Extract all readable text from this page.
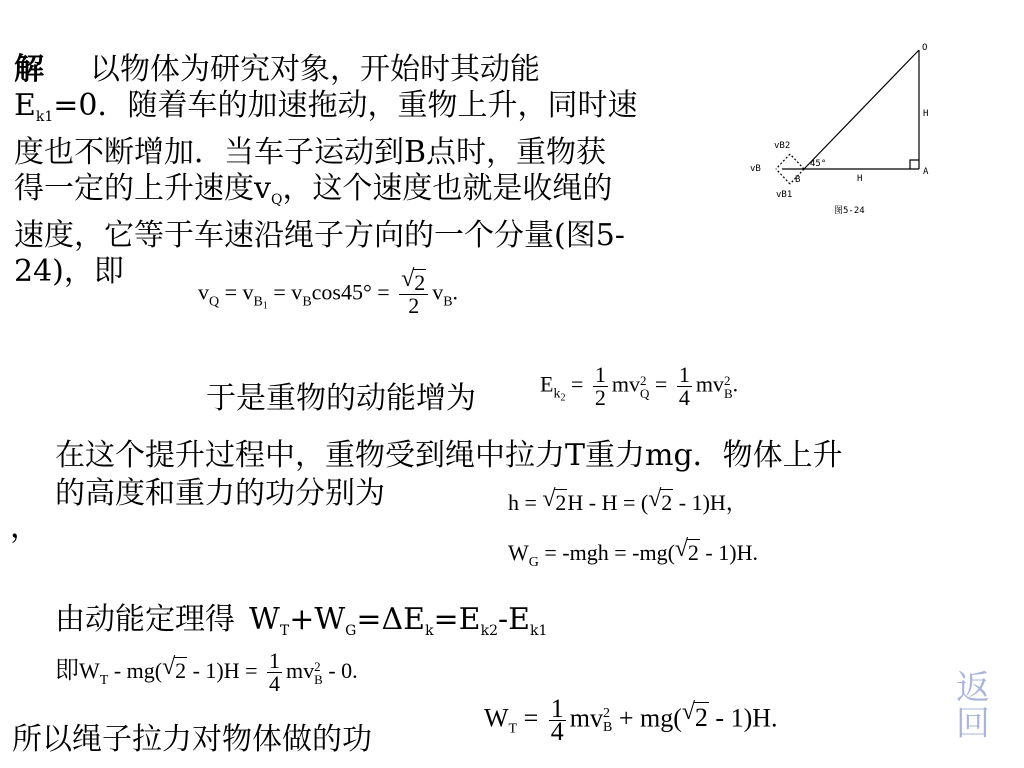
解 以物体为研究对象，开始时其动能
$E_{k1}=0$．随着车的加速拖动，重物上升，同时速
度也不断增加．当车子运动到B点时，重物获
得一定的上升速度$v_Q$，这个速度也就是收绳的
速度，它等于车速沿绳子方向的一个分量(图5-
24)，即
O
H
A
B	H
45°
vB2
vB
vB1
图5-24
$v_Q = v_{B1} = v_B\cos 45^\circ = \frac{√ 2}{2} v_B$.
于是重物的动能增为	$E_{k2} = \frac{1}{2}$ mv 2
$Q = \frac{1}{4}$ mv 2
B .
在这个提升过程中，重物受到绳中拉力T重力mg．物体上升
的高度和重力的功分别为
，
h = √ 2H - H = ( √ 2 - 1)H，
$W_G = -mgh = -mg$( √ 2 - 1)H.
由动能定理得 $W_T+W_G=\Delta E_k=E_{k2}-E_{k1}$
即$W_T - mg$( √ $2 - 1)H = \frac{1}{4}$ mv 2
B - 0.
所以绳子拉力对物体做的功
$W_T = \frac{1}{4}$ mv 2
B + mg( √ 2 - 1)H.
返
回
